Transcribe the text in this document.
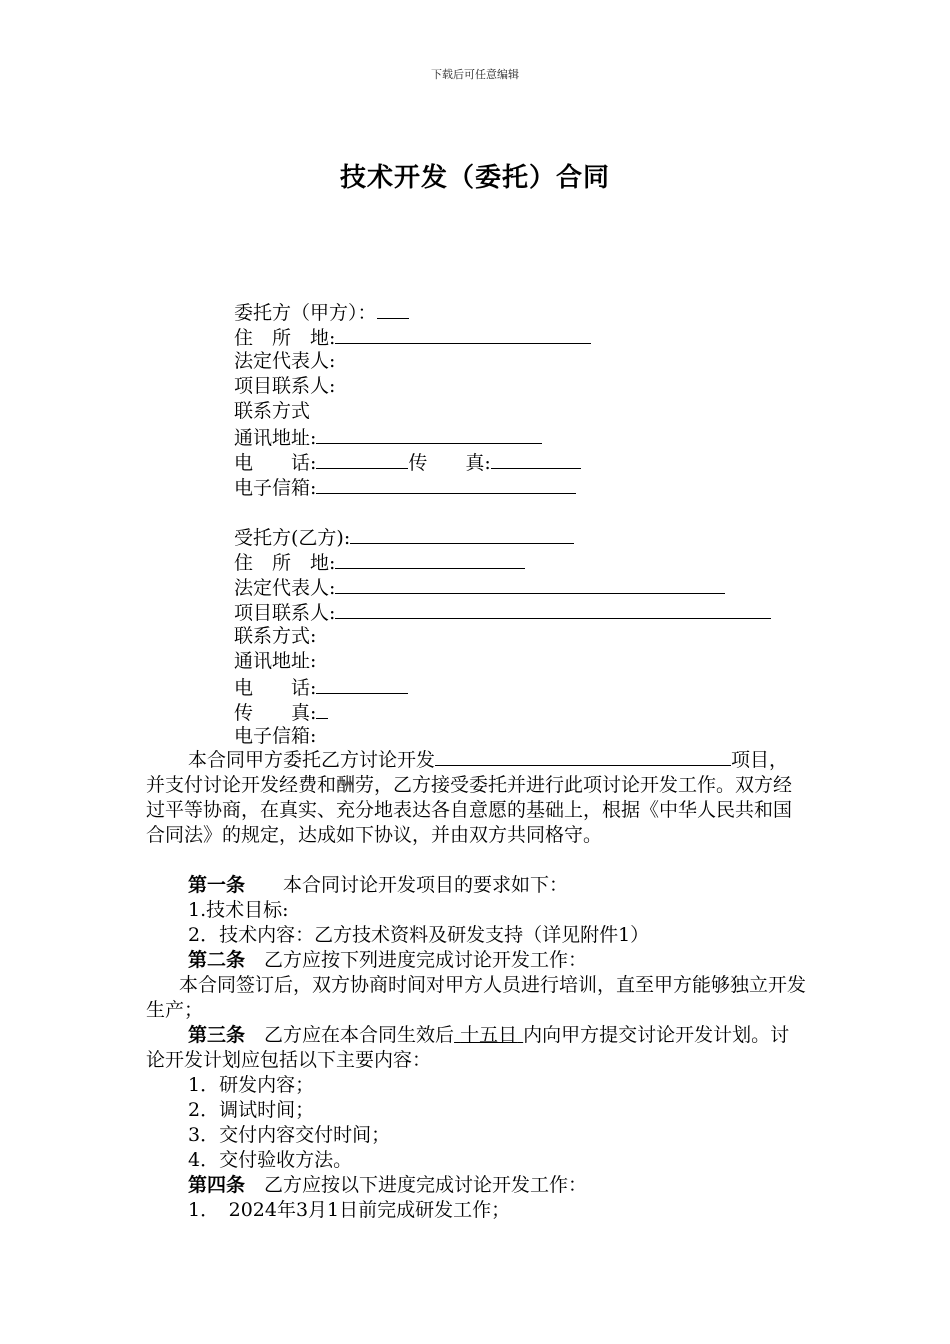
下载后可任意编辑
技术开发（委托）合同
委托方（甲方）：
住　所　地:
法定代表人:
项目联系人:
联系方式
通讯地址:
电　　话:	传　　真:
电子信箱:
受托方(乙方):
住　所　地:
法定代表人:
项目联系人:
联系方式:
通讯地址:
电　　话:
传　　真:
电子信箱:
本合同甲方委托乙方讨论开发	项目，并支付讨论开发经费和酬劳，乙方接受委托并进行此项讨论开发工作。双方经过平等协商，在真实、充分地表达各自意愿的基础上，根据《中华人民共和国合同法》的规定，达成如下协议，并由双方共同格守。
第一条　　 本合同讨论开发项目的要求如下：
1.技术目标:
2．技术内容：乙方技术资料及研发支持（详见附件1）
第二条　 乙方应按下列进度完成讨论开发工作：
本合同签订后，双方协商时间对甲方人员进行培训，直至甲方能够独立开发生产；
第三条　 乙方应在本合同生效后 十五日 内向甲方提交讨论开发计划。讨论开发计划应包括以下主要内容：
1．研发内容；
2．调试时间；
3．交付内容交付时间；
4．交付验收方法。
第四条　 乙方应按以下进度完成讨论开发工作：
1．　 2024年3月1日前完成研发工作；
